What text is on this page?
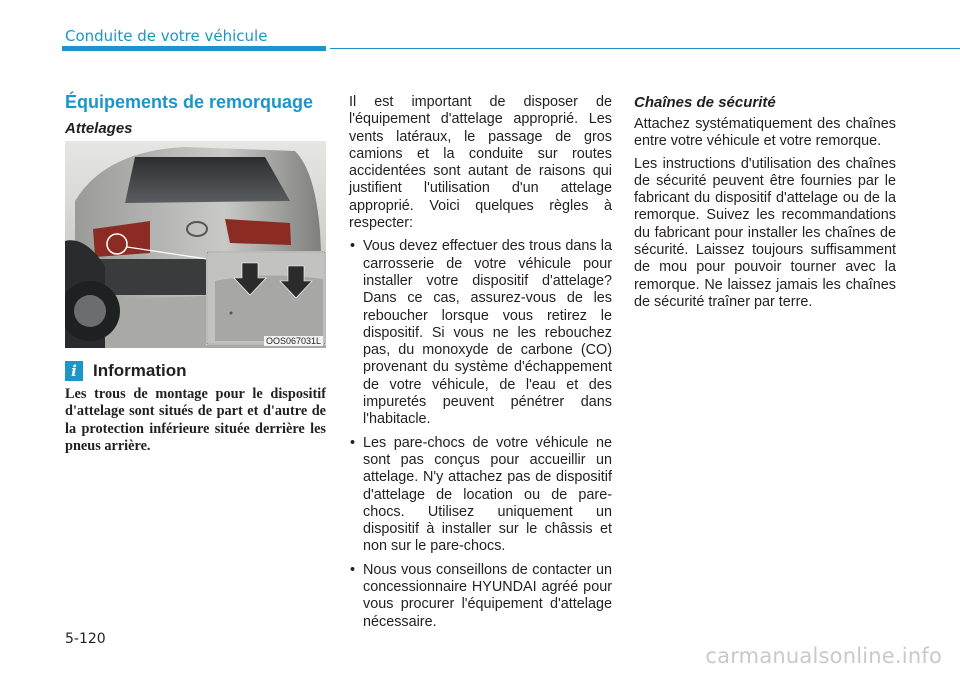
Conduite de votre véhicule
Équipements de remorquage
Attelages
OOS067031L
i Information

Les trous de montage pour le dispositif d'attelage sont situés de part et d'autre de la protection inférieure située derrière les pneus arrière.

Il est important de disposer de l'équipement d'attelage approprié. Les vents latéraux, le passage de gros camions et la conduite sur routes accidentées sont autant de raisons qui justifient l'utilisation d'un attelage approprié. Voici quelques règles à respecter:

• Vous devez effectuer des trous dans la carrosserie de votre véhicule pour installer votre dispositif d'attelage? Dans ce cas, assurez-vous de les reboucher lorsque vous retirez le dispositif. Si vous ne les rebouchez pas, du monoxyde de carbone (CO) provenant du système d'échappement de votre véhicule, de l'eau et des impuretés peuvent pénétrer dans l'habitacle.
• Les pare-chocs de votre véhicule ne sont pas conçus pour accueillir un attelage. N'y attachez pas de dispositif d'attelage de location ou de pare-chocs. Utilisez uniquement un dispositif à installer sur le châssis et non sur le pare-chocs.
• Nous vous conseillons de contacter un concessionnaire HYUNDAI agréé pour vous procurer l'équipement d'attelage nécessaire.
Chaînes de sécurité

Attachez systématiquement des chaînes entre votre véhicule et votre remorque.

Les instructions d'utilisation des chaînes de sécurité peuvent être fournies par le fabricant du dispositif d'attelage ou de la remorque. Suivez les recommandations du fabricant pour installer les chaînes de sécurité. Laissez toujours suffisamment de mou pour pouvoir tourner avec la remorque. Ne laissez jamais les chaînes de sécurité traîner par terre.

5-120
carmanualsonline.info
